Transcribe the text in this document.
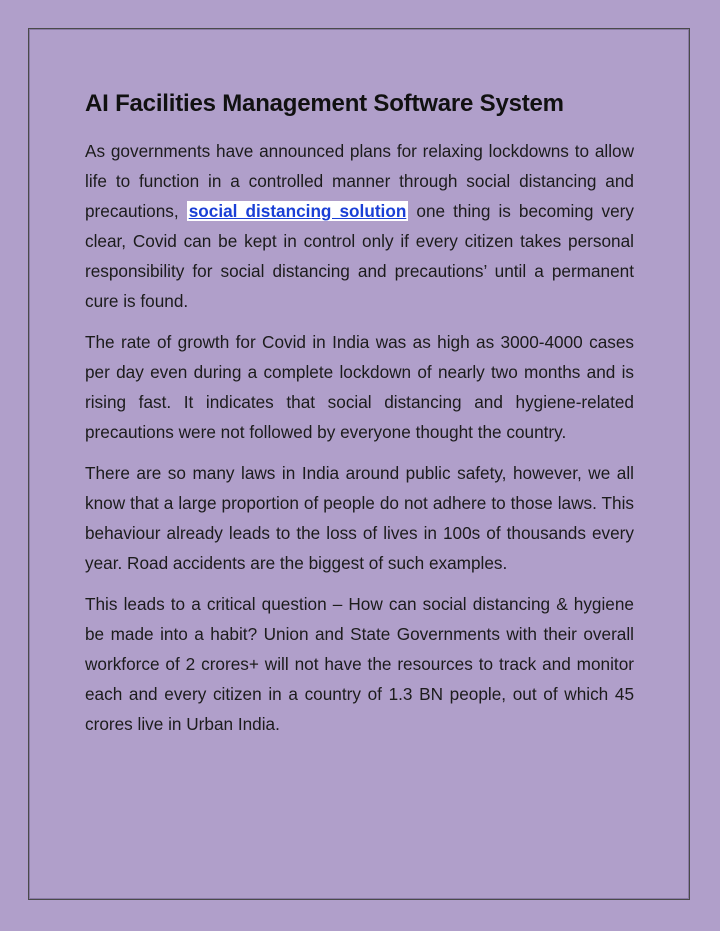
AI Facilities Management Software System

As governments have announced plans for relaxing lockdowns to allow life to function in a controlled manner through social distancing and precautions, social distancing solution one thing is becoming very clear, Covid can be kept in control only if every citizen takes personal responsibility for social distancing and precautions’ until a permanent cure is found.

The rate of growth for Covid in India was as high as 3000-4000 cases per day even during a complete lockdown of nearly two months and is rising fast. It indicates that social distancing and hygiene-related precautions were not followed by everyone thought the country.

There are so many laws in India around public safety, however, we all know that a large proportion of people do not adhere to those laws. This behaviour already leads to the loss of lives in 100s of thousands every year. Road accidents are the biggest of such examples.

This leads to a critical question – How can social distancing & hygiene be made into a habit? Union and State Governments with their overall workforce of 2 crores+ will not have the resources to track and monitor each and every citizen in a country of 1.3 BN people, out of which 45 crores live in Urban India.
